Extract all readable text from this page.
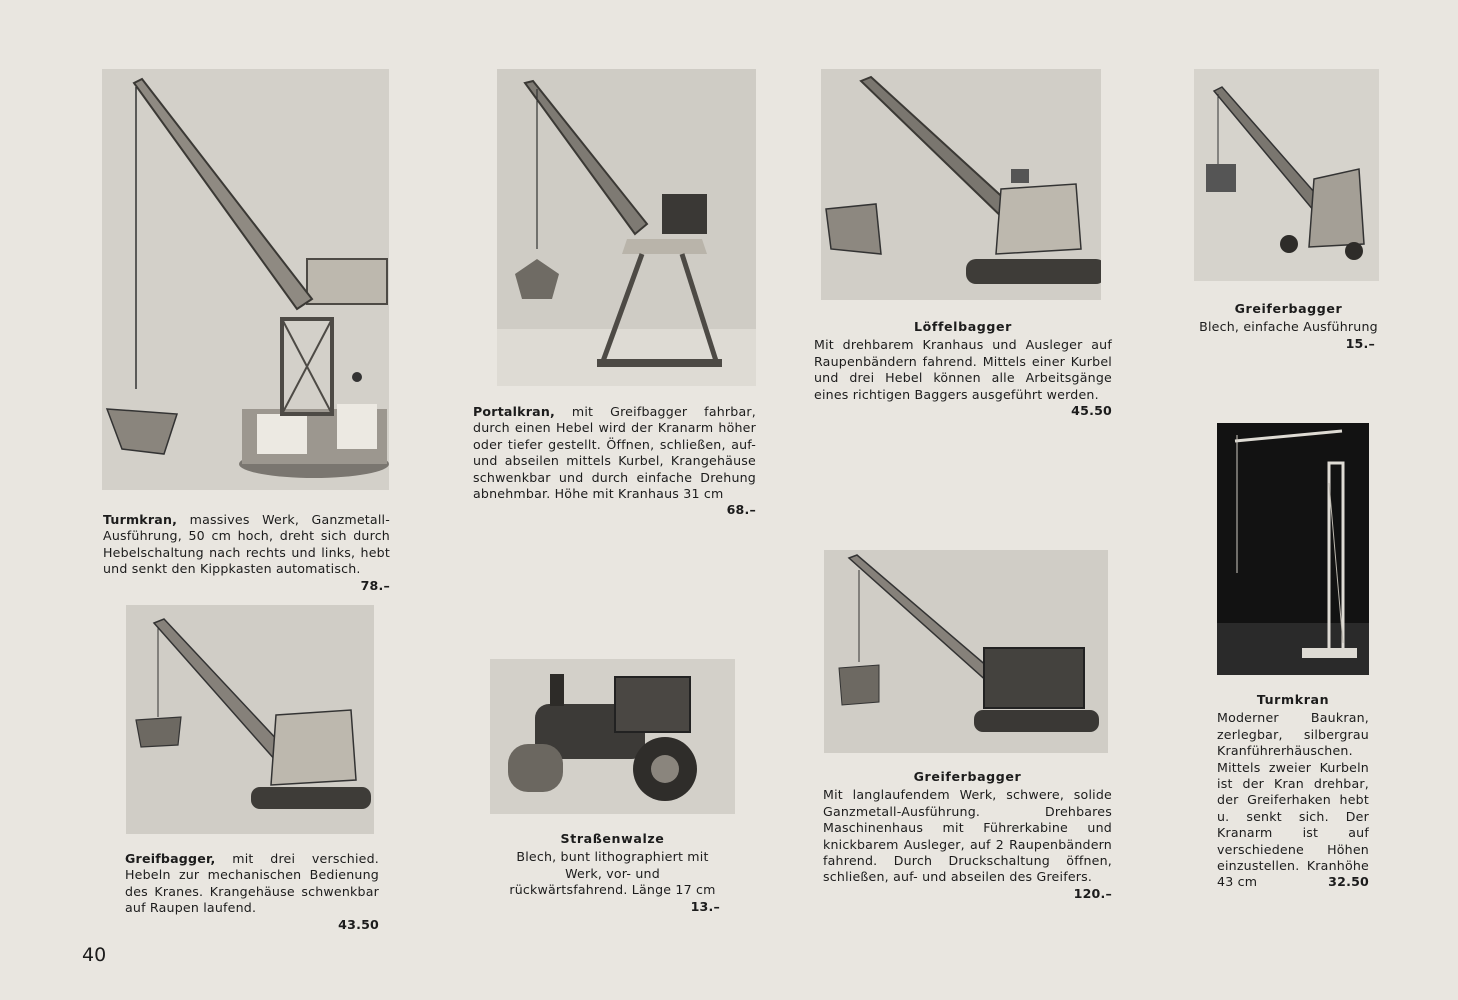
Turmkran, massives Werk, Ganzmetall-Ausführung, 50 cm hoch, dreht sich durch Hebelschaltung nach rechts und links, hebt und senkt den Kippkasten automatisch.
78.–
Portalkran, mit Greifbagger fahrbar, durch einen Hebel wird der Kranarm höher oder tiefer gestellt. Öffnen, schließen, auf- und abseilen mittels Kurbel, Krangehäuse schwenkbar und durch einfache Drehung abnehmbar. Höhe mit Kranhaus 31 cm
68.–
Löffelbagger
Mit drehbarem Kranhaus und Ausleger auf Raupenbändern fahrend. Mittels einer Kurbel und drei Hebel können alle Arbeitsgänge eines richtigen Baggers ausgeführt werden.
45.50
Greiferbagger
Blech, einfache Ausführung
15.–
Greifbagger, mit drei verschied. Hebeln zur mechanischen Bedienung des Kranes. Krangehäuse schwenkbar auf Raupen laufend.
43.50
Straßenwalze
Blech, bunt lithographiert mit Werk, vor- und rückwärtsfahrend. Länge 17 cm
13.–
Greiferbagger
Mit langlaufendem Werk, schwere, solide Ganzmetall-Ausführung. Drehbares Maschinenhaus mit Führerkabine und knickbarem Ausleger, auf 2 Raupenbändern fahrend. Durch Druckschaltung öffnen, schließen, auf- und abseilen des Greifers.
120.–
Turmkran
Moderner Baukran, zerlegbar, silbergrau Kranführerhäuschen. Mittels zweier Kurbeln ist der Kran drehbar, der Greiferhaken hebt u. senkt sich. Der Kranarm ist auf verschiedene Höhen einzustellen. Kranhöhe 43 cm	32.50
40
